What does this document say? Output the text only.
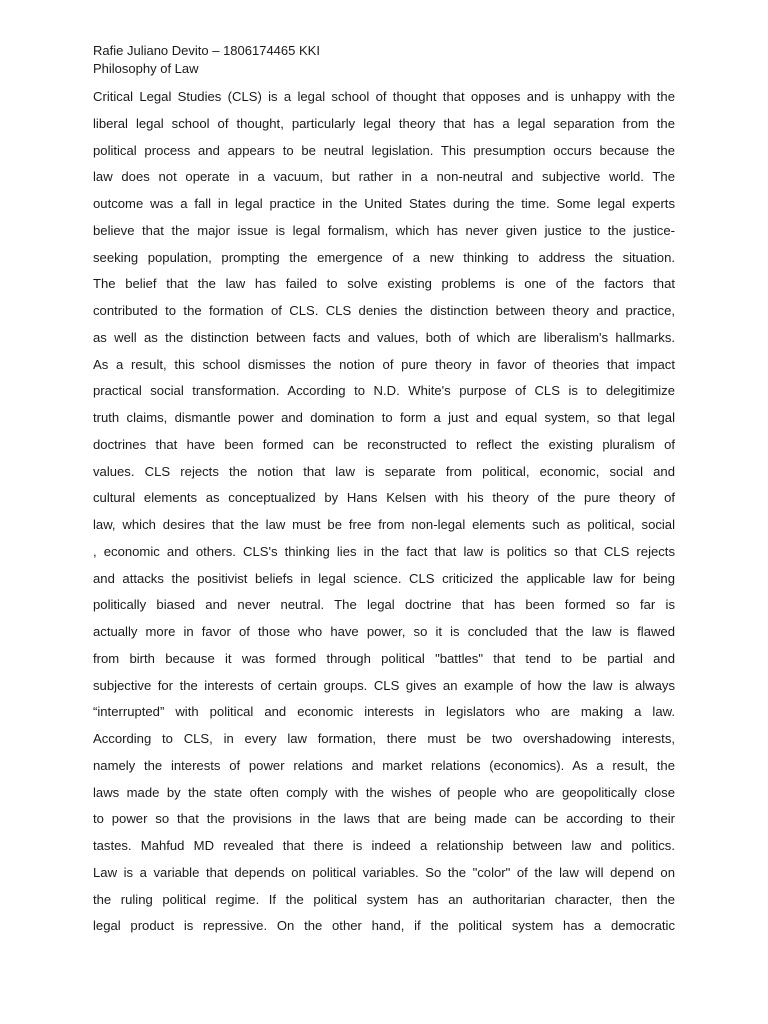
Rafie Juliano Devito – 1806174465 KKI

Philosophy of Law

Critical Legal Studies (CLS) is a legal school of thought that opposes and is unhappy with the
liberal legal school of thought, particularly legal theory that has a legal separation from the
political process and appears to be neutral legislation. This presumption occurs because the
law does not operate in a vacuum, but rather in a non-neutral and subjective world. The
outcome was a fall in legal practice in the United States during the time. Some legal experts
believe that the major issue is legal formalism, which has never given justice to the justice-
seeking population, prompting the emergence of a new thinking to address the situation.
The belief that the law has failed to solve existing problems is one of the factors that
contributed to the formation of CLS. CLS denies the distinction between theory and practice,
as well as the distinction between facts and values, both of which are liberalism's hallmarks.
As a result, this school dismisses the notion of pure theory in favor of theories that impact
practical social transformation. According to N.D. White's purpose of CLS is to delegitimize
truth claims, dismantle power and domination to form a just and equal system, so that legal
doctrines that have been formed can be reconstructed to reflect the existing pluralism of
values. CLS rejects the notion that law is separate from political, economic, social and
cultural elements as conceptualized by Hans Kelsen with his theory of the pure theory of
law, which desires that the law must be free from non-legal elements such as political, social
, economic and others. CLS's thinking lies in the fact that law is politics so that CLS rejects
and attacks the positivist beliefs in legal science. CLS criticized the applicable law for being
politically biased and never neutral. The legal doctrine that has been formed so far is
actually more in favor of those who have power, so it is concluded that the law is flawed
from birth because it was formed through political "battles" that tend to be partial and
subjective for the interests of certain groups. CLS gives an example of how the law is always
“interrupted” with political and economic interests in legislators who are making a law.
According to CLS, in every law formation, there must be two overshadowing interests,
namely the interests of power relations and market relations (economics). As a result, the
laws made by the state often comply with the wishes of people who are geopolitically close
to power so that the provisions in the laws that are being made can be according to their
tastes. Mahfud MD revealed that there is indeed a relationship between law and politics.
Law is a variable that depends on political variables. So the "color" of the law will depend on
the ruling political regime. If the political system has an authoritarian character, then the
legal product is repressive. On the other hand, if the political system has a democratic
